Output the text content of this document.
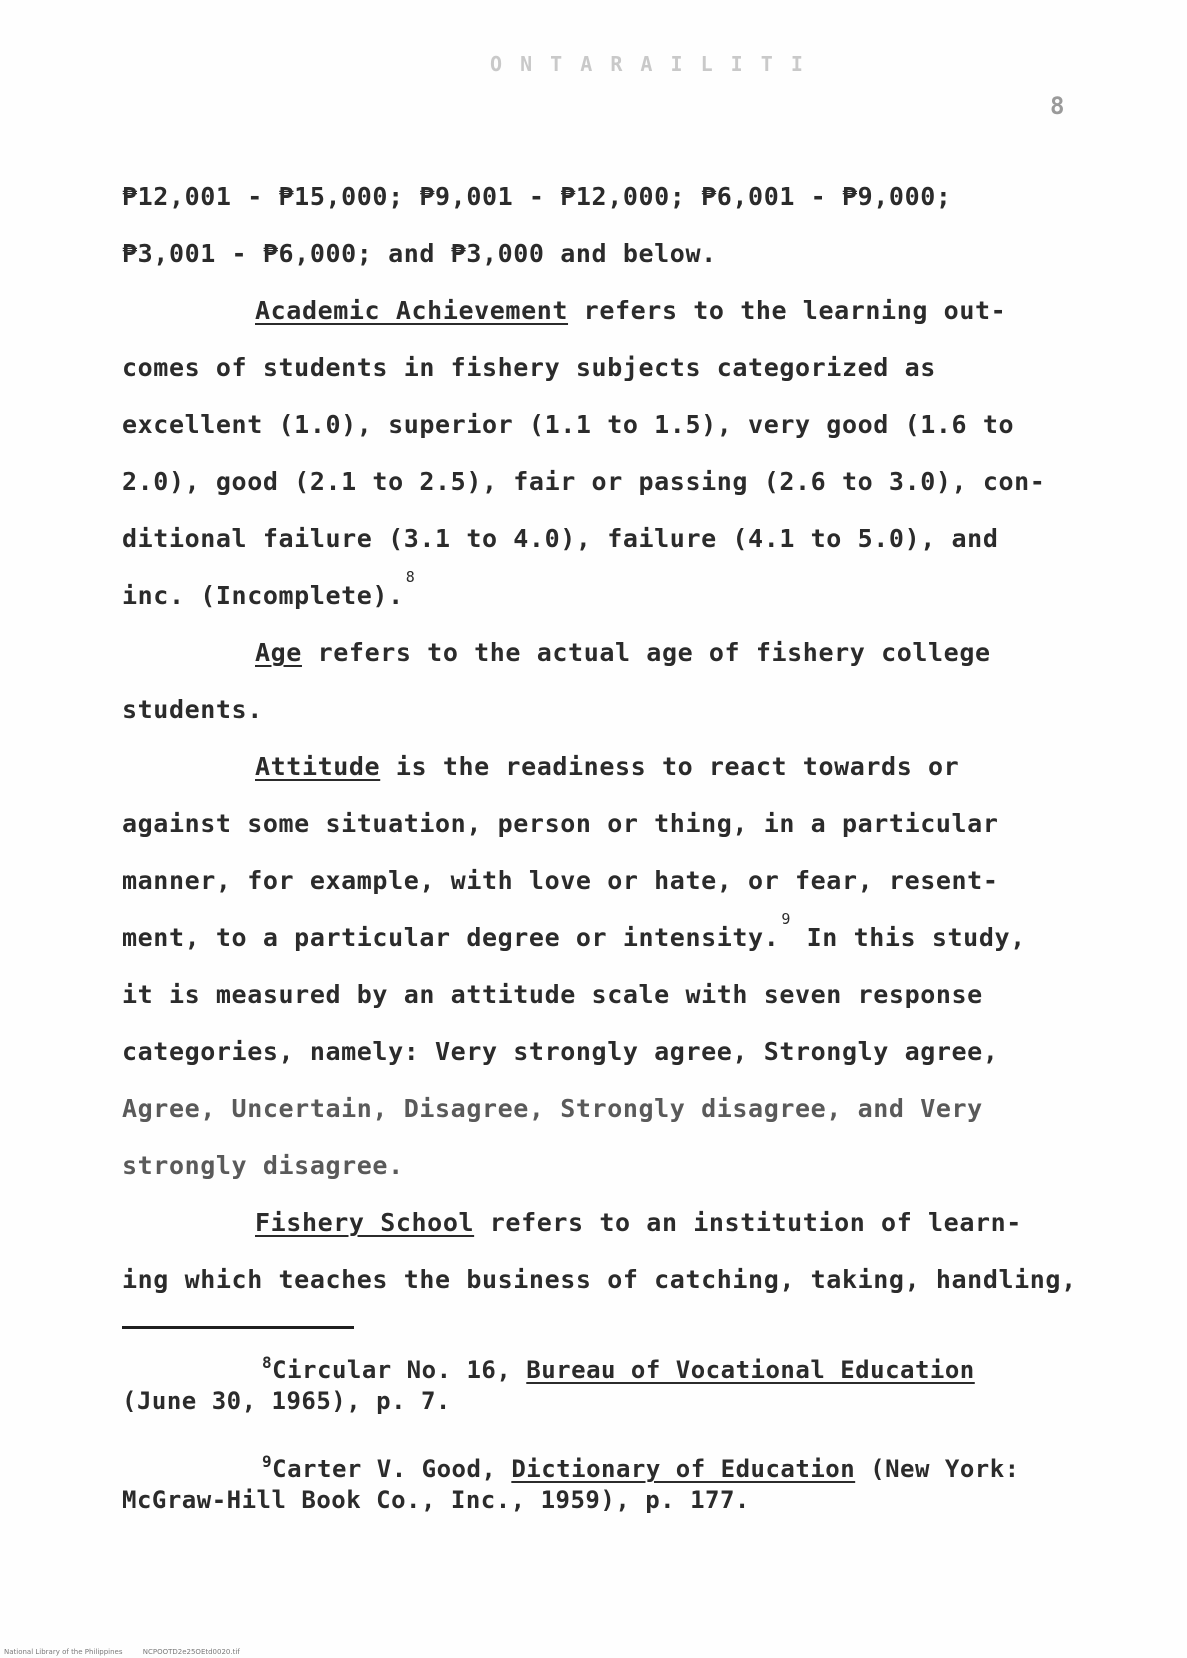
O N T A R A I L I T I
8
₱12,001 - ₱15,000; ₱9,001 - ₱12,000; ₱6,001 - ₱9,000;
₱3,001 - ₱6,000; and ₱3,000 and below.
Academic Achievement refers to the learning out-
comes of students in fishery subjects categorized as
excellent (1.0), superior (1.1 to 1.5), very good (1.6 to
2.0), good (2.1 to 2.5), fair or passing (2.6 to 3.0), con-
ditional failure (3.1 to 4.0), failure (4.1 to 5.0), and
inc. (Incomplete).$^8$
Age refers to the actual age of fishery college
students.
Attitude is the readiness to react towards or
against some situation, person or thing, in a particular
manner, for example, with love or hate, or fear, resent-
ment, to a particular degree or intensity.$^9$ In this study,
it is measured by an attitude scale with seven response
categories, namely: Very strongly agree, Strongly agree,
Agree, Uncertain, Disagree, Strongly disagree, and Very
strongly disagree.
Fishery School refers to an institution of learn-
ing which teaches the business of catching, taking, handling,
$^8$Circular No. 16, Bureau of Vocational Education
(June 30, 1965), p. 7.
$^9$Carter V. Good, Dictionary of Education (New York:
McGraw-Hill Book Co., Inc., 1959), p. 177.
National Library of the Philippines	NCPOOTD2e25OEtd0020.tif
